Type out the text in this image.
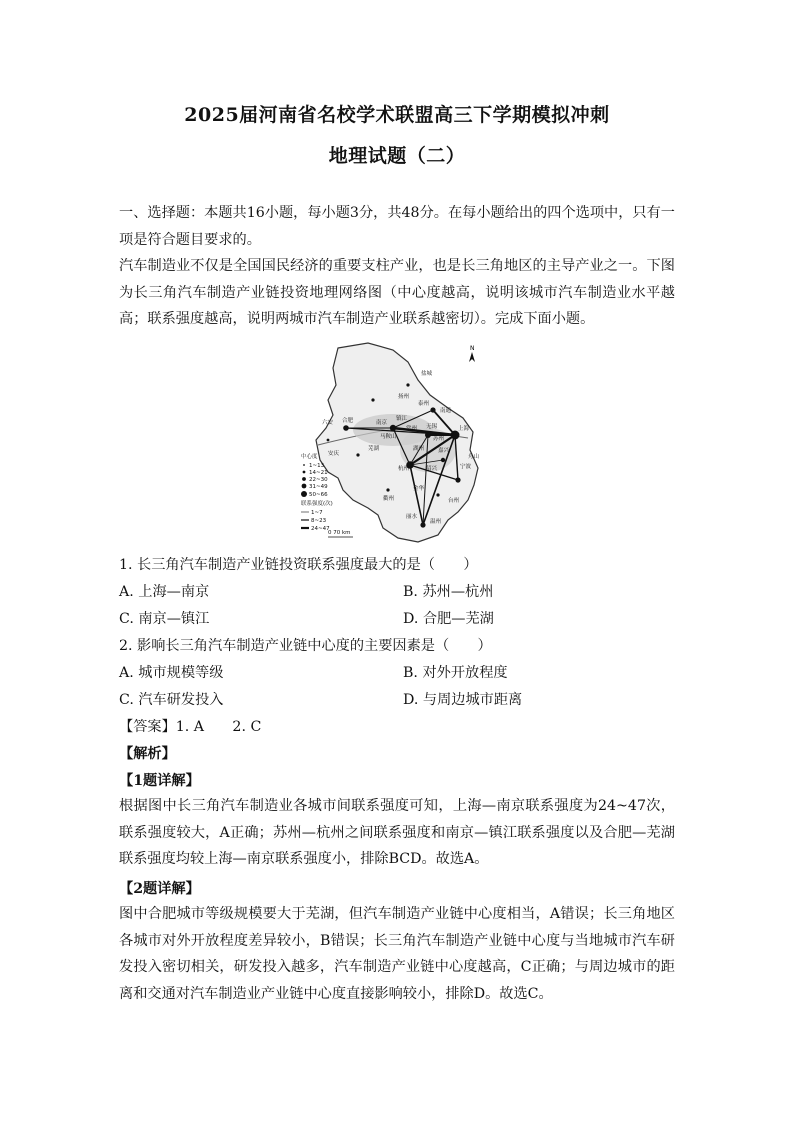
2025届河南省名校学术联盟高三下学期模拟冲刺
地理试题（二）
一、选择题：本题共16小题，每小题3分，共48分。在每小题给出的四个选项中，只有一项是符合题目要求的。
汽车制造业不仅是全国国民经济的重要支柱产业，也是长三角地区的主导产业之一。下图为长三角汽车制造产业链投资地理网络图（中心度越高，说明该城市汽车制造业水平越高；联系强度越高，说明两城市汽车制造产业联系越密切）。完成下面小题。
盐城
扬州
泰州
南通
镇江
南京
常州 无锡
苏州
上海
六安 合肥
马鞍山
芜湖
安庆
湖州	嘉兴
杭州	绍兴	宁波
舟山
台州
金华
衢州
丽水
温州
N
中心度
1~13
14~21
22~30
31~49
50~66
联系强度(次)
1~7
8~23
24~47
0 70 km
1. 长三角汽车制造产业链投资联系强度最大的是（　　）
A. 上海—南京	B. 苏州—杭州
C. 南京—镇江	D. 合肥—芜湖
2. 影响长三角汽车制造产业链中心度的主要因素是（　　）
A. 城市规模等级	B. 对外开放程度
C. 汽车研发投入	D. 与周边城市距离
【答案】1. A　　2. C
【解析】
【1题详解】
根据图中长三角汽车制造业各城市间联系强度可知，上海—南京联系强度为24~47次，联系强度较大，A正确；苏州—杭州之间联系强度和南京—镇江联系强度以及合肥—芜湖联系强度均较上海—南京联系强度小，排除BCD。故选A。
【2题详解】
图中合肥城市等级规模要大于芜湖，但汽车制造产业链中心度相当，A错误；长三角地区各城市对外开放程度差异较小，B错误；长三角汽车制造产业链中心度与当地城市汽车研发投入密切相关，研发投入越多，汽车制造产业链中心度越高，C正确；与周边城市的距离和交通对汽车制造业产业链中心度直接影响较小，排除D。故选C。
